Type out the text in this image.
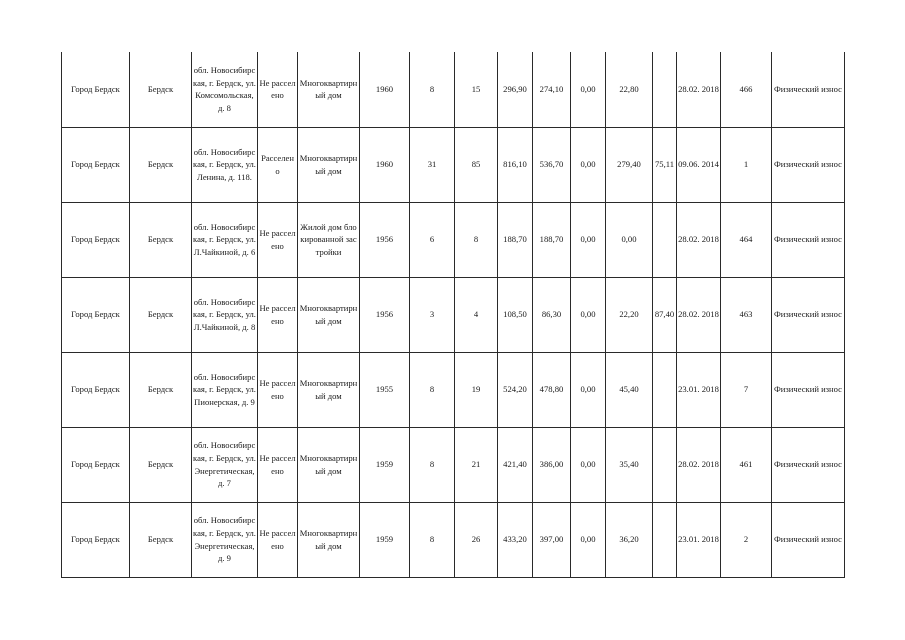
Город Бердск	Бердск	обл. Новосибирская, г. Бердск, ул. Комсомольская, д. 8	Не расселено	Многоквартирный дом	1960	8	15	296,90	274,10	0,00	22,80		28.02. 2018	466	Физический износ

Город Бердск	Бердск	обл. Новосибирская, г. Бердск, ул. Ленина, д. 118.	Расселено	Многоквартирный дом	1960	31	85	816,10	536,70	0,00	279,40	75,11	09.06. 2014	1	Физический износ

Город Бердск	Бердск	обл. Новосибирская, г. Бердск, ул. Л.Чайкиной, д. 6	Не расселено	Жилой дом блокированной застройки	1956	6	8	188,70	188,70	0,00	0,00		28.02. 2018	464	Физический износ

Город Бердск	Бердск	обл. Новосибирская, г. Бердск, ул. Л.Чайкиной, д. 8	Не расселено	Многоквартирный дом	1956	3	4	108,50	86,30	0,00	22,20	87,40	28.02. 2018	463	Физический износ

Город Бердск	Бердск	обл. Новосибирская, г. Бердск, ул. Пионерская, д. 9	Не расселено	Многоквартирный дом	1955	8	19	524,20	478,80	0,00	45,40		23.01. 2018	7	Физический износ

Город Бердск	Бердск	обл. Новосибирская, г. Бердск, ул. Энергетическая, д. 7	Не расселено	Многоквартирный дом	1959	8	21	421,40	386,00	0,00	35,40		28.02. 2018	461	Физический износ

Город Бердск	Бердск	обл. Новосибирская, г. Бердск, ул. Энергетическая, д. 9	Не расселено	Многоквартирный дом	1959	8	26	433,20	397,00	0,00	36,20		23.01. 2018	2	Физический износ
